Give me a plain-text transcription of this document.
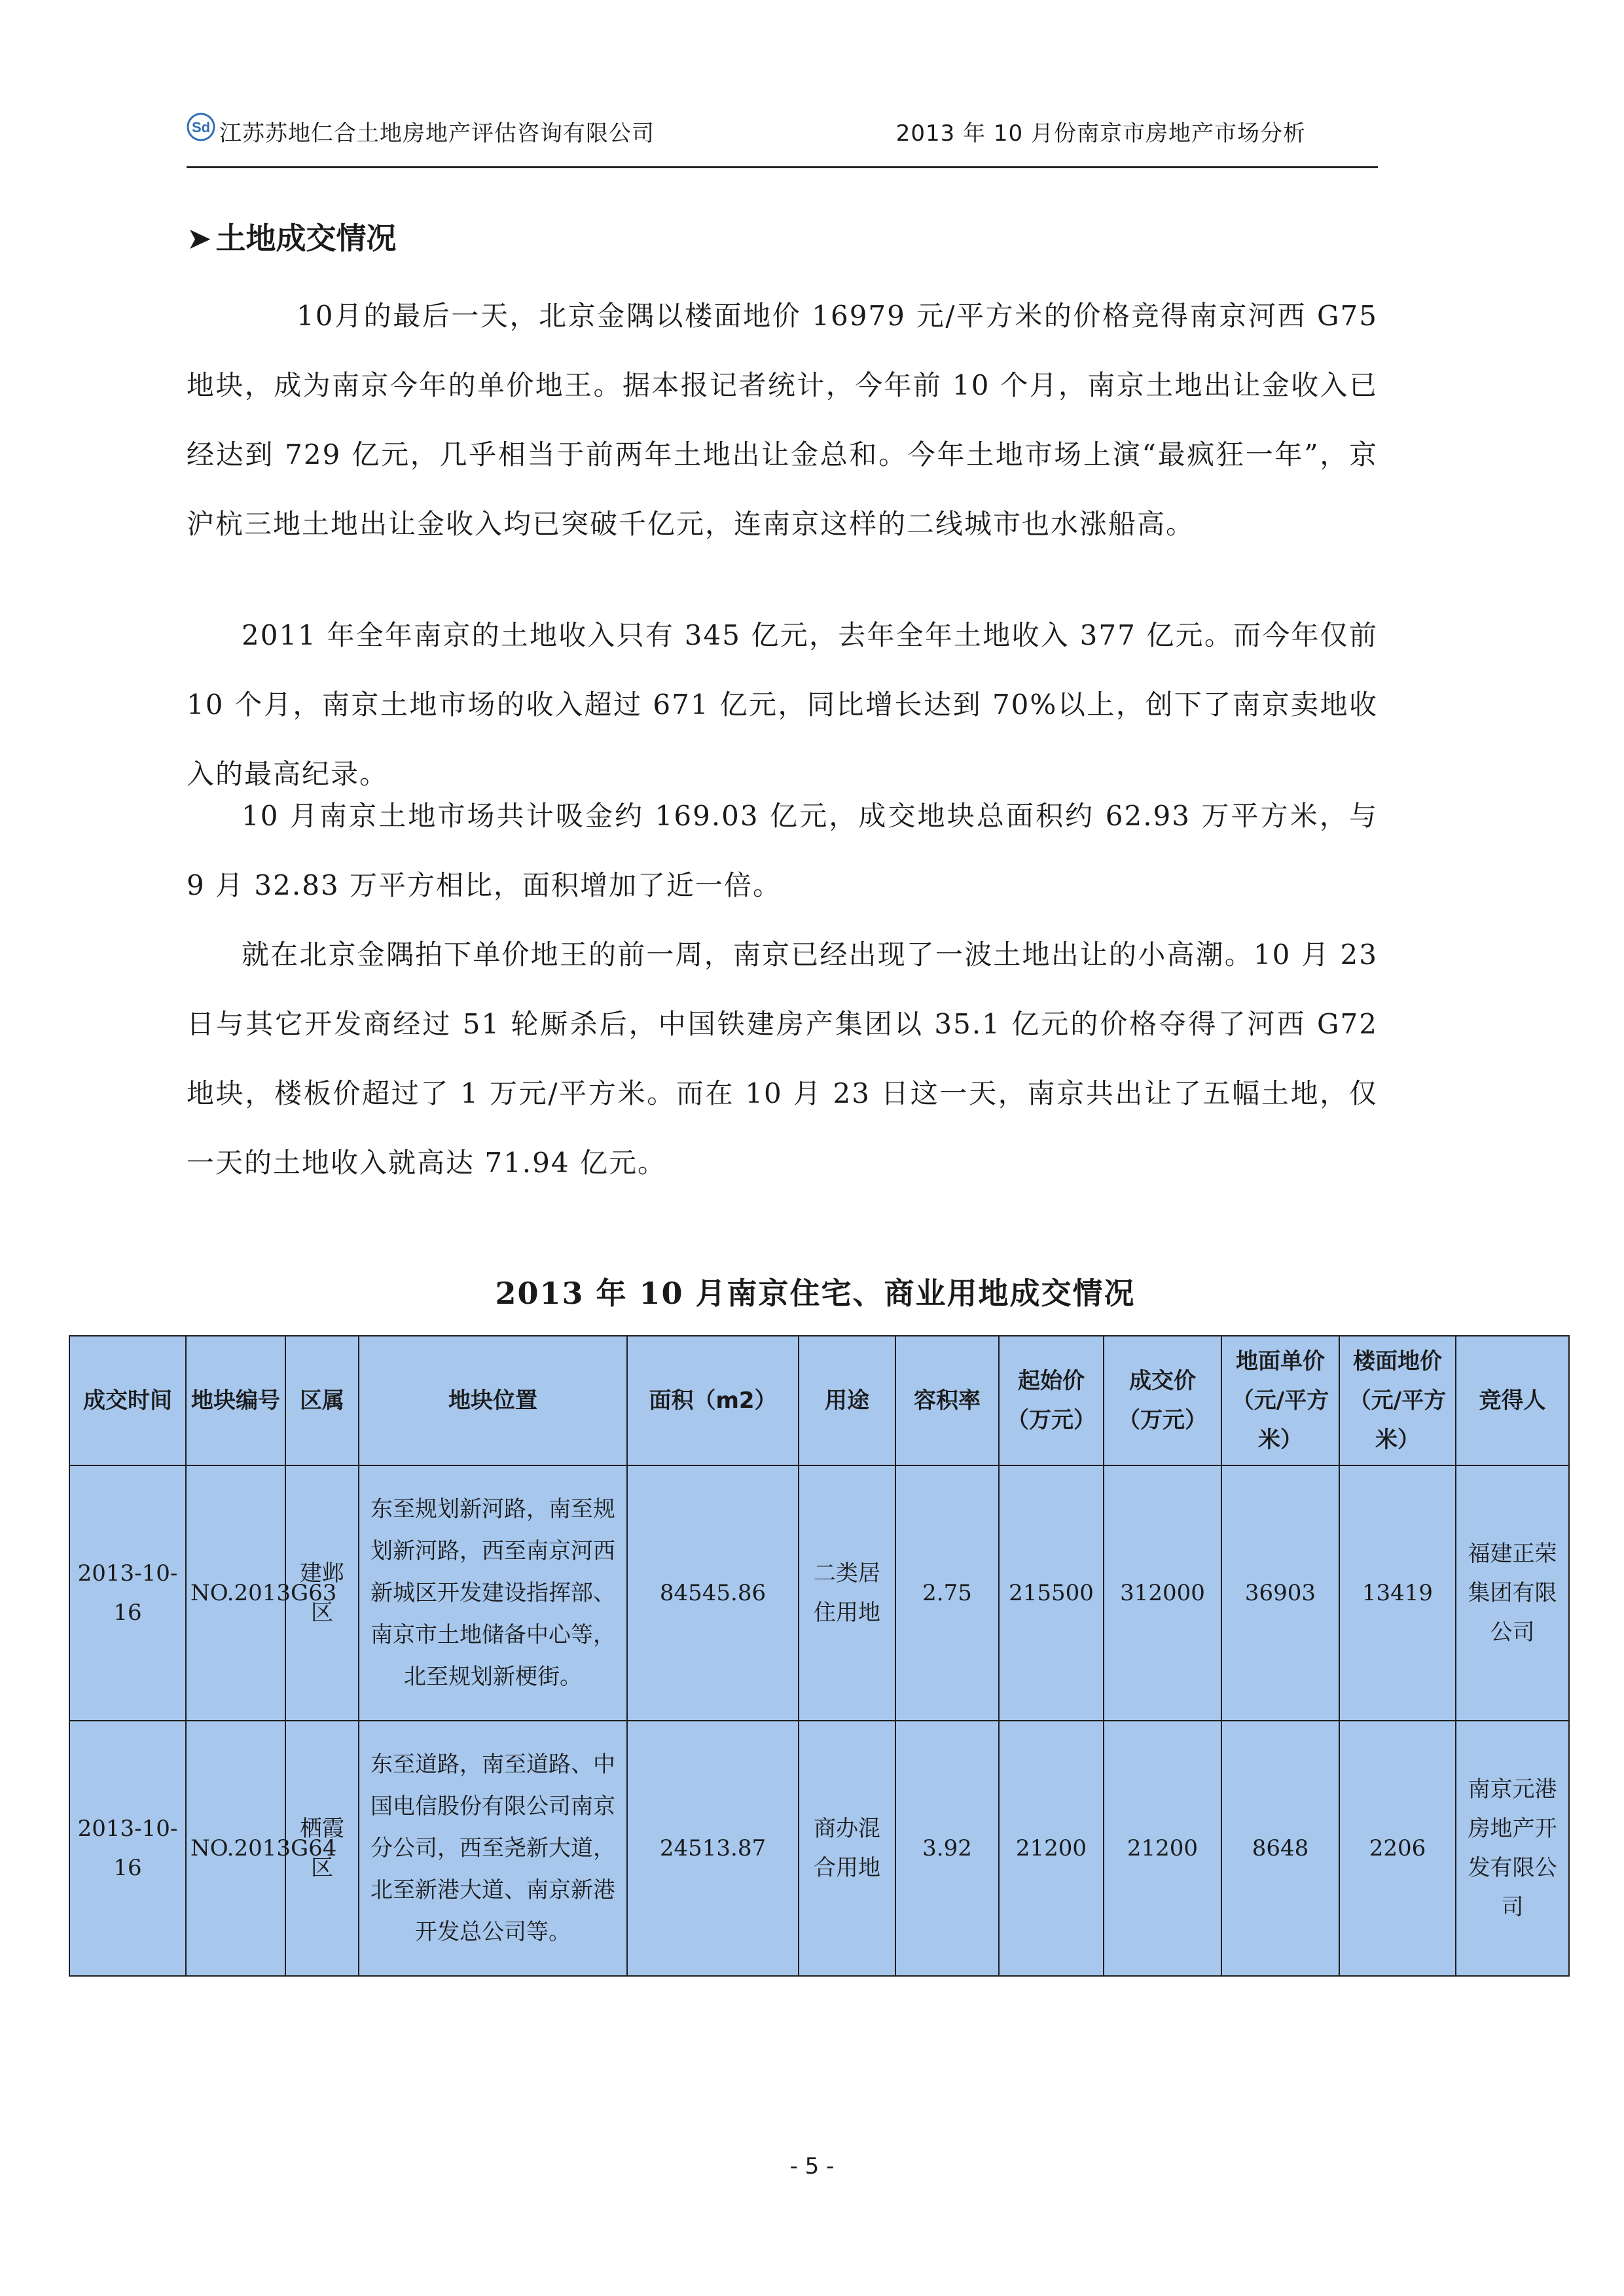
Sd 江苏苏地仁合土地房地产评估咨询有限公司	2013 年 10 月份南京市房地产市场分析
➤ 土地成交情况

10月的最后一天，北京金隅以楼面地价 16979 元/平方米的价格竞得南京河西 G75 地块，成为南京今年的单价地王。据本报记者统计，今年前 10 个月，南京土地出让金收入已经达到 729 亿元，几乎相当于前两年土地出让金总和。今年土地市场上演“最疯狂一年”，京沪杭三地土地出让金收入均已突破千亿元，连南京这样的二线城市也水涨船高。

2011 年全年南京的土地收入只有 345 亿元，去年全年土地收入 377 亿元。而今年仅前 10 个月，南京土地市场的收入超过 671 亿元，同比增长达到 70%以上，创下了南京卖地收入的最高纪录。

10 月南京土地市场共计吸金约 169.03 亿元，成交地块总面积约 62.93 万平方米，与 9 月 32.83 万平方相比，面积增加了近一倍。

就在北京金隅拍下单价地王的前一周，南京已经出现了一波土地出让的小高潮。10 月 23 日与其它开发商经过 51 轮厮杀后，中国铁建房产集团以 35.1 亿元的价格夺得了河西 G72 地块，楼板价超过了 1 万元/平方米。而在 10 月 23 日这一天，南京共出让了五幅土地，仅一天的土地收入就高达 71.94 亿元。

2013 年 10 月南京住宅、商业用地成交情况
成交时间	地块编号	区属	地块位置	面积（m2）	用途	容积率	起始价（万元）	成交价（万元）	地面单价（元/平方米）	楼面地价（元/平方米）	竞得人
2013-10-16	NO.2013G63	建邺区	东至规划新河路，南至规划新河路，西至南京河西新城区开发建设指挥部、南京市土地储备中心等，北至规划新梗街。	84545.86	二类居住用地	2.75	215500	312000	36903	13419	福建正荣集团有限公司
2013-10-16	NO.2013G64	栖霞区	东至道路，南至道路、中国电信股份有限公司南京分公司，西至尧新大道，北至新港大道、南京新港开发总公司等。	24513.87	商办混合用地	3.92	21200	21200	8648	2206	南京元港房地产开发有限公司
- 5 -
